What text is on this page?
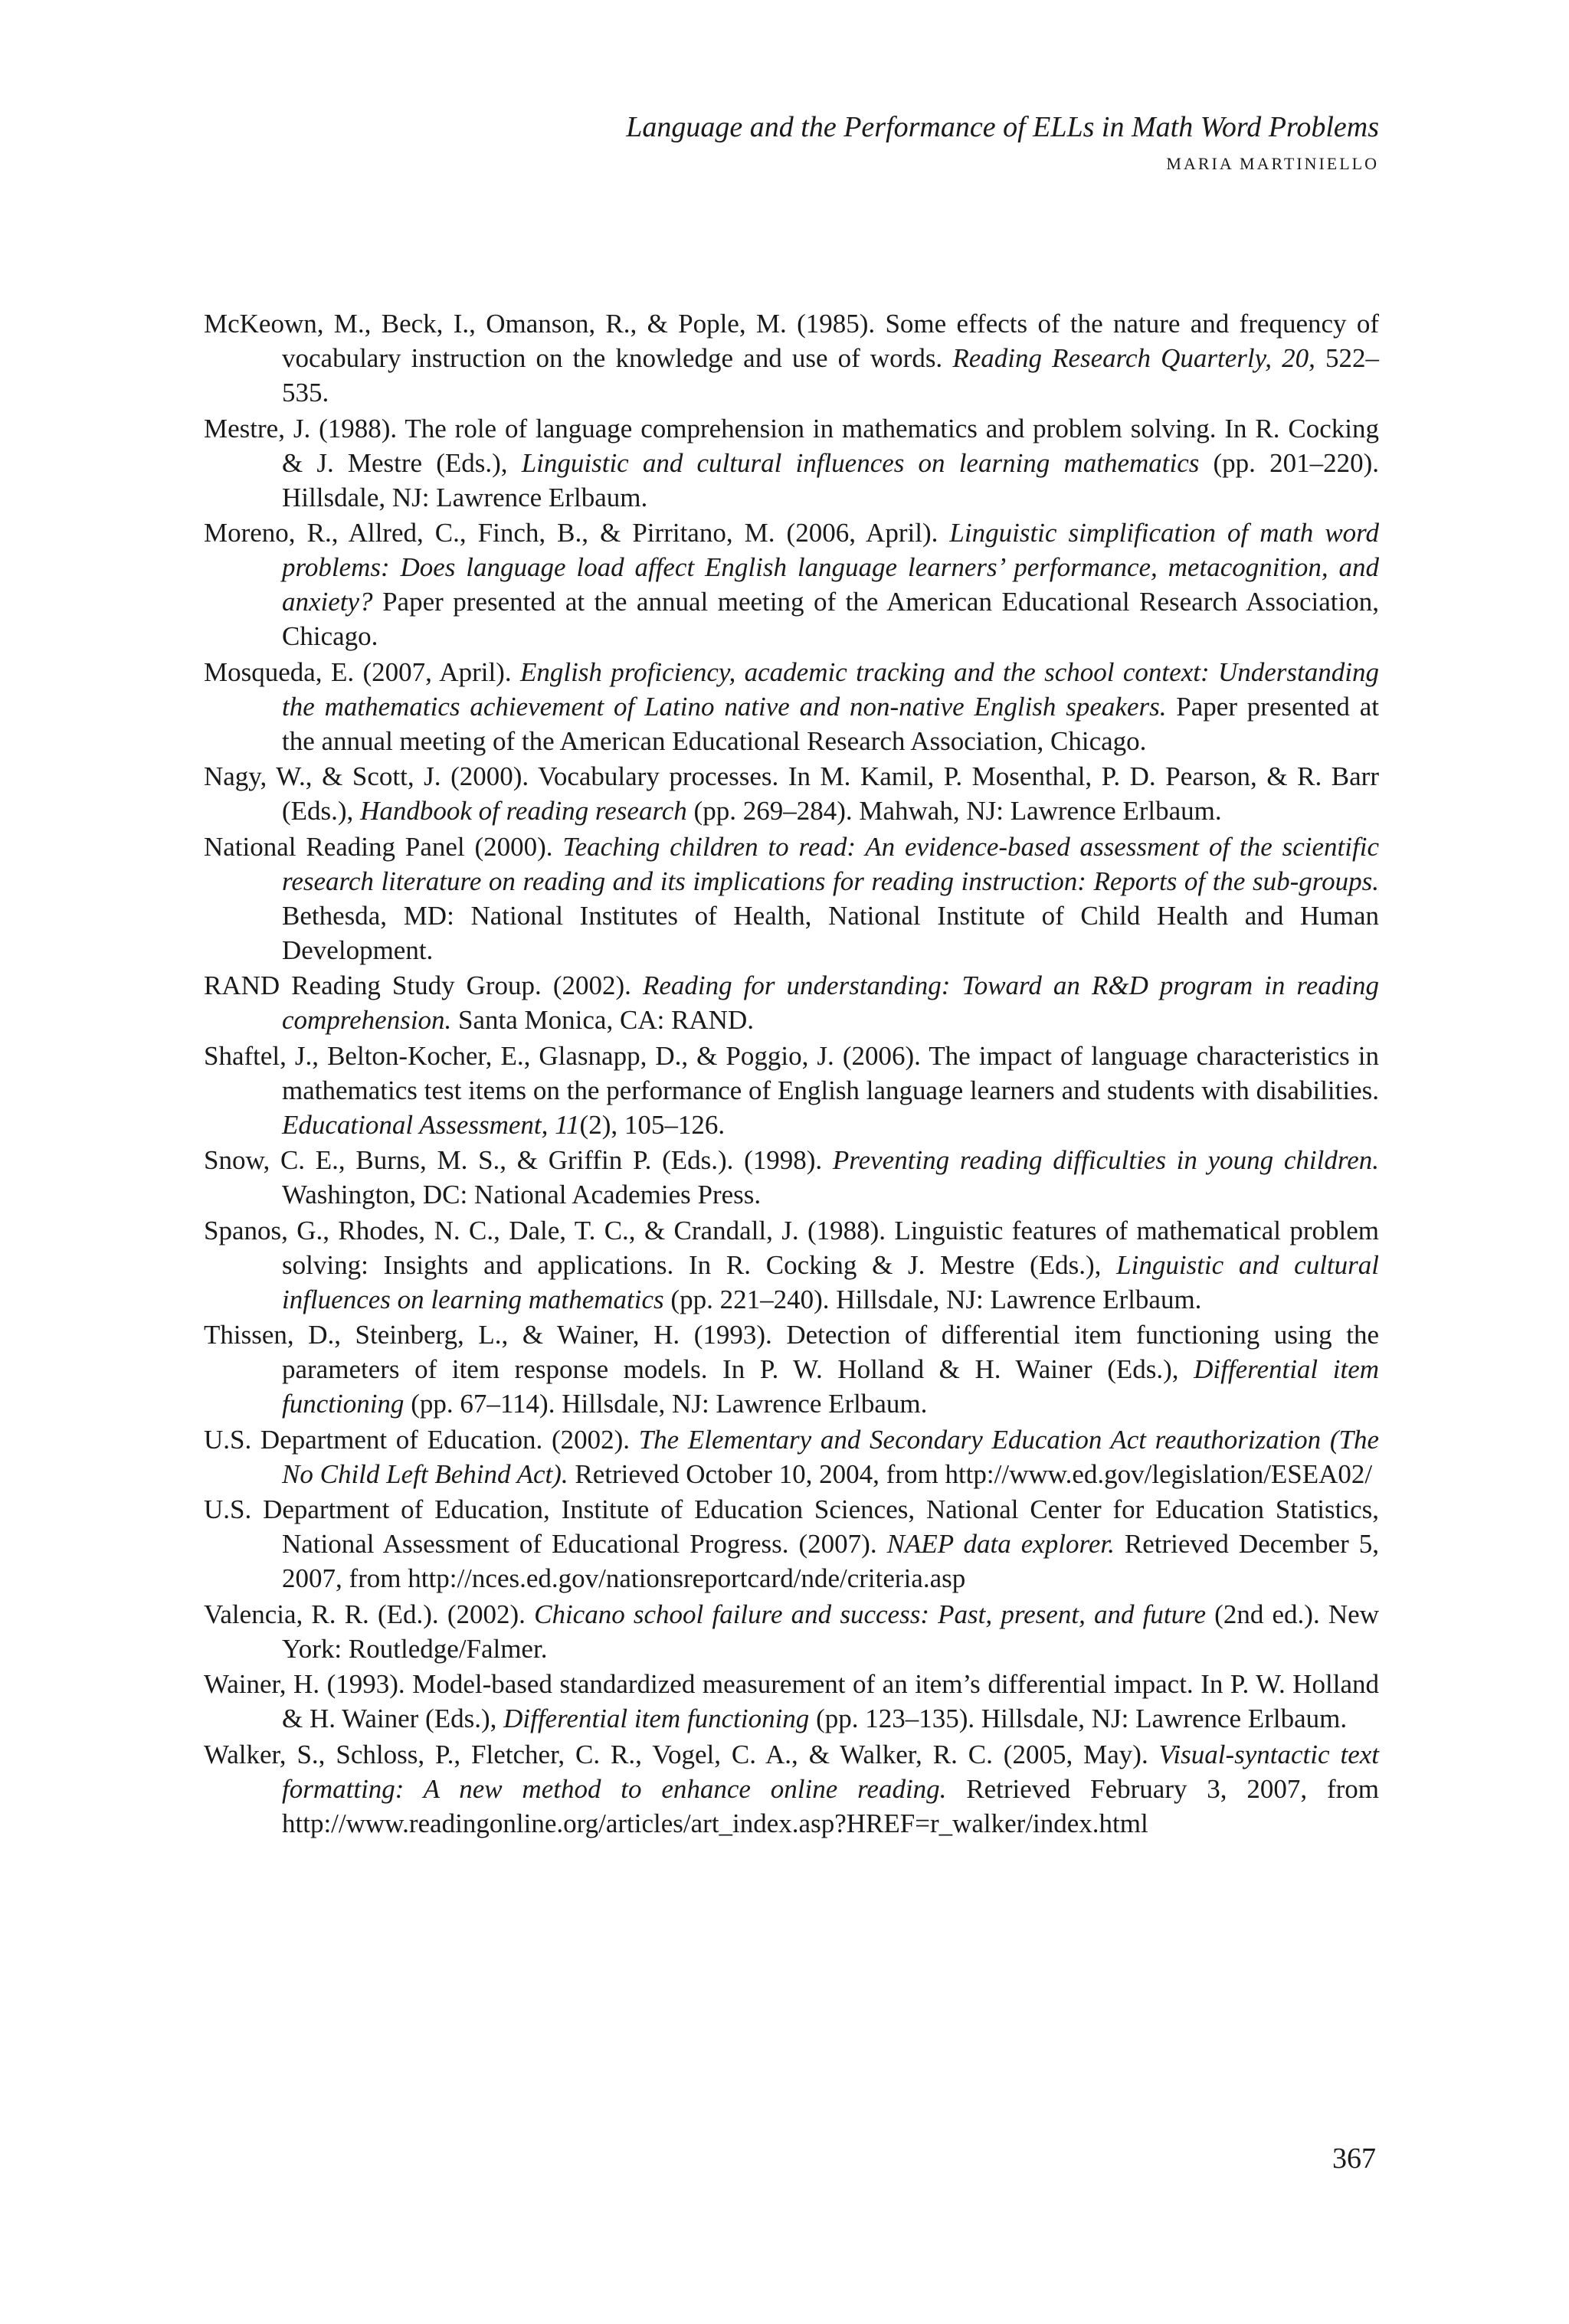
Language and the Performance of ELLs in Math Word Problems
MARIA MARTINIELLO

McKeown, M., Beck, I., Omanson, R., & Pople, M. (1985). Some effects of the nature and frequency of vocabulary instruction on the knowledge and use of words. Reading Research Quarterly, 20, 522–535.

Mestre, J. (1988). The role of language comprehension in mathematics and problem solving. In R. Cocking & J. Mestre (Eds.), Linguistic and cultural influences on learning mathematics (pp. 201–220). Hillsdale, NJ: Lawrence Erlbaum.

Moreno, R., Allred, C., Finch, B., & Pirritano, M. (2006, April). Linguistic simplification of math word problems: Does language load affect English language learners’ performance, metacognition, and anxiety? Paper presented at the annual meeting of the American Educational Research Association, Chicago.

Mosqueda, E. (2007, April). English proficiency, academic tracking and the school context: Understanding the mathematics achievement of Latino native and non-native English speakers. Paper presented at the annual meeting of the American Educational Research Association, Chicago.

Nagy, W., & Scott, J. (2000). Vocabulary processes. In M. Kamil, P. Mosenthal, P. D. Pearson, & R. Barr (Eds.), Handbook of reading research (pp. 269–284). Mahwah, NJ: Lawrence Erlbaum.

National Reading Panel (2000). Teaching children to read: An evidence-based assessment of the scientific research literature on reading and its implications for reading instruction: Reports of the sub-groups. Bethesda, MD: National Institutes of Health, National Institute of Child Health and Human Development.

RAND Reading Study Group. (2002). Reading for understanding: Toward an R&D program in reading comprehension. Santa Monica, CA: RAND.

Shaftel, J., Belton-Kocher, E., Glasnapp, D., & Poggio, J. (2006). The impact of language characteristics in mathematics test items on the performance of English language learners and students with disabilities. Educational Assessment, 11(2), 105–126.

Snow, C. E., Burns, M. S., & Griffin P. (Eds.). (1998). Preventing reading difficulties in young children. Washington, DC: National Academies Press.

Spanos, G., Rhodes, N. C., Dale, T. C., & Crandall, J. (1988). Linguistic features of mathematical problem solving: Insights and applications. In R. Cocking & J. Mestre (Eds.), Linguistic and cultural influences on learning mathematics (pp. 221–240). Hillsdale, NJ: Lawrence Erlbaum.

Thissen, D., Steinberg, L., & Wainer, H. (1993). Detection of differential item functioning using the parameters of item response models. In P. W. Holland & H. Wainer (Eds.), Differential item functioning (pp. 67–114). Hillsdale, NJ: Lawrence Erlbaum.

U.S. Department of Education. (2002). The Elementary and Secondary Education Act reauthorization (The No Child Left Behind Act). Retrieved October 10, 2004, from http://www.ed.gov/legislation/ESEA02/

U.S. Department of Education, Institute of Education Sciences, National Center for Education Statistics, National Assessment of Educational Progress. (2007). NAEP data explorer. Retrieved December 5, 2007, from http://nces.ed.gov/nationsreportcard/nde/criteria.asp

Valencia, R. R. (Ed.). (2002). Chicano school failure and success: Past, present, and future (2nd ed.). New York: Routledge/Falmer.

Wainer, H. (1993). Model-based standardized measurement of an item’s differential impact. In P. W. Holland & H. Wainer (Eds.), Differential item functioning (pp. 123–135). Hillsdale, NJ: Lawrence Erlbaum.

Walker, S., Schloss, P., Fletcher, C. R., Vogel, C. A., & Walker, R. C. (2005, May). Visual-syntactic text formatting: A new method to enhance online reading. Retrieved February 3, 2007, from http://www.readingonline.org/articles/art_index.asp?HREF=r_walker/index.html

367
